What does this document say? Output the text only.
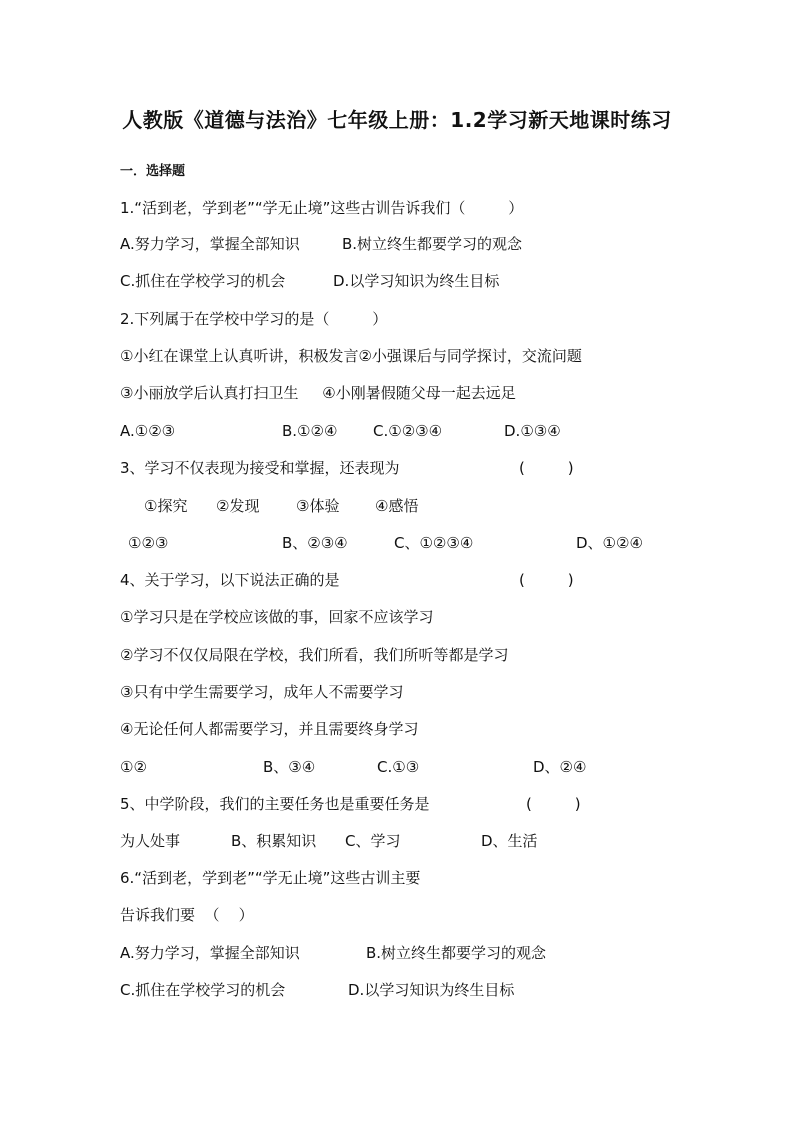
人教版《道德与法治》七年级上册：1.2学习新天地课时练习
一．选择题
1.“活到老，学到老”“学无止境”这些古训告诉我们（         ）
A.努力学习，掌握全部知识	B.树立终生都要学习的观念
C.抓住在学校学习的机会	D.以学习知识为终生目标
2.下列属于在学校中学习的是（         ）
①小红在课堂上认真听讲，积极发言②小强课后与同学探讨，交流问题
③小丽放学后认真打扫卫生     ④小刚暑假随父母一起去远足
A.①②③	B.①②④ C.①②③④	D.①③④
3、学习不仅表现为接受和掌握，还表现为	(         )
①探究 ②发现 ③体验 ④感悟
①②③	B、②③④	C、①②③④	D、①②④
4、关于学习，以下说法正确的是	(         )
①学习只是在学校应该做的事，回家不应该学习
②学习不仅仅局限在学校，我们所看，我们所听等都是学习
③只有中学生需要学习，成年人不需要学习
④无论任何人都需要学习，并且需要终身学习
①②	B、③④	C.①③	D、②④
5、中学阶段，我们的主要任务也是重要任务是	(         )
为人处事	B、积累知识 C、学习	D、生活
6.“活到老，学到老”“学无止境”这些古训主要
告诉我们要  （    ）
A.努力学习，掌握全部知识	B.树立终生都要学习的观念
C.抓住在学校学习的机会	D.以学习知识为终生目标
